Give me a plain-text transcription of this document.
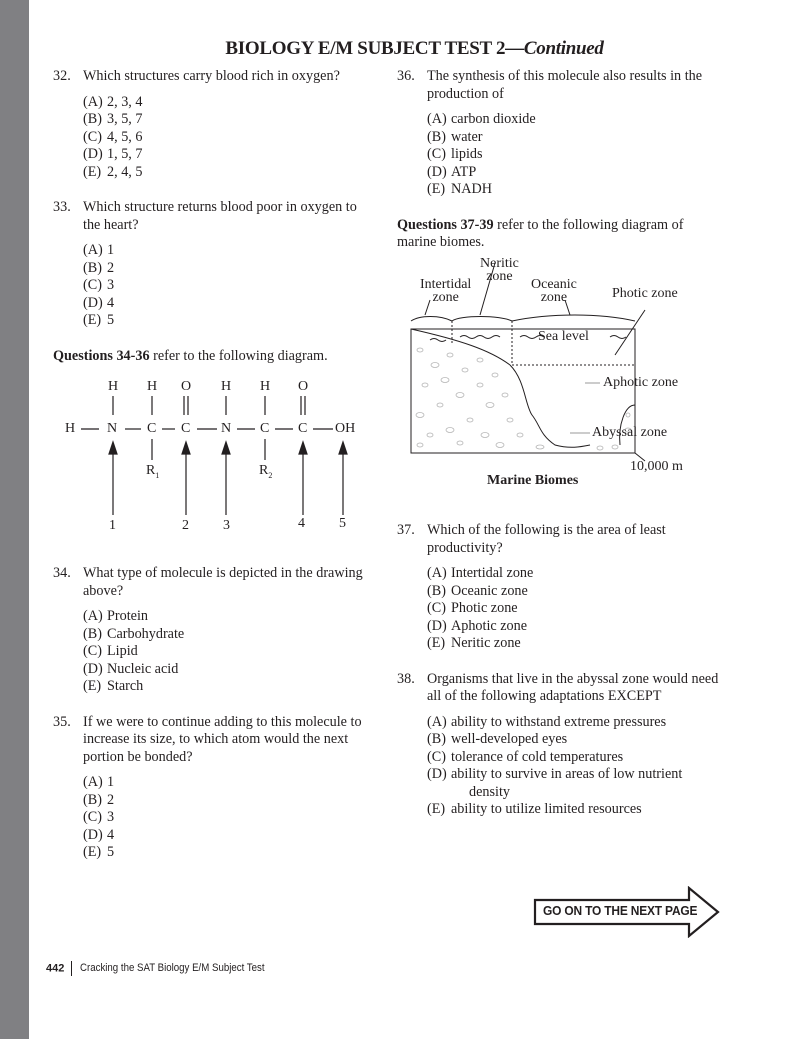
BIOLOGY E/M SUBJECT TEST 2—Continued
32. Which structures carry blood rich in oxygen?
(A) 2, 3, 4
(B) 3, 5, 7
(C) 4, 5, 6
(D) 1, 5, 7
(E) 2, 4, 5
33. Which structure returns blood poor in oxygen to the heart?
(A) 1
(B) 2
(C) 3
(D) 4
(E) 5
Questions 34-36 refer to the following diagram.
H H O H H O
H N C C N C C OH
$R_1$	$R_2$
1	2 3	4 5
34. What type of molecule is depicted in the drawing above?
(A) Protein
(B) Carbohydrate
(C) Lipid
(D) Nucleic acid
(E) Starch
35. If we were to continue adding to this molecule to increase its size, to which atom would the next portion be bonded?
(A) 1
(B) 2
(C) 3
(D) 4
(E) 5
36. The synthesis of this molecule also results in the production of
(A) carbon dioxide
(B) water
(C) lipids
(D) ATP
(E) NADH
Questions 37-39 refer to the following diagram of marine biomes.
Neritic
zone
Intertidal
zone
Oceanic
zone	Photic zone
Sea level
Aphotic zone
Abyssal zone
10,000 m
Marine Biomes
37. Which of the following is the area of least productivity?
(A) Intertidal zone
(B) Oceanic zone
(C) Photic zone
(D) Aphotic zone
(E) Neritic zone
38. Organisms that live in the abyssal zone would need all of the following adaptations EXCEPT
(A) ability to withstand extreme pressures
(B) well-developed eyes
(C) tolerance of cold temperatures
(D) ability to survive in areas of low nutrient
density
(E) ability to utilize limited resources
GO ON TO THE NEXT PAGE
442 Cracking the SAT Biology E/M Subject Test
